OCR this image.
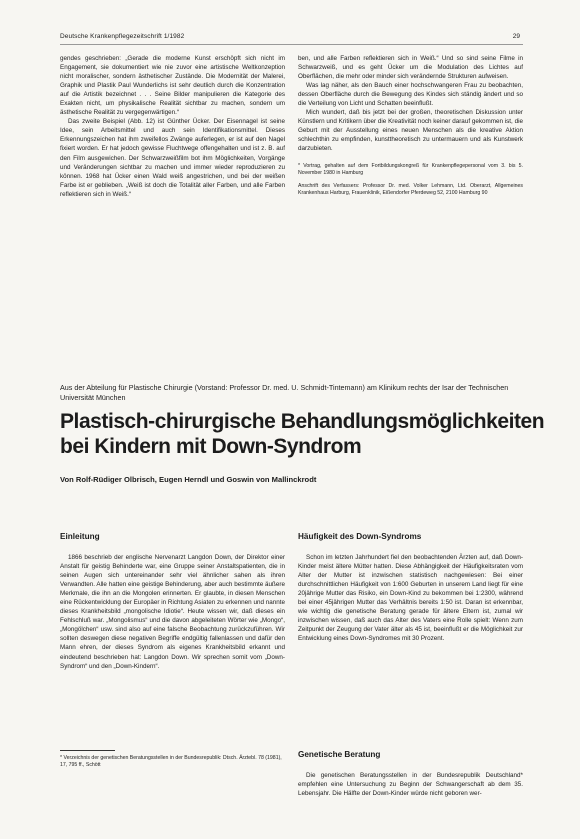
Deutsche Krankenpflegezeitschrift 1/1982	29

gendes geschrieben: „Gerade die moderne Kunst erschöpft sich nicht im Engagement, sie dokumentiert wie nie zuvor eine artistische Weltkonzeption nicht moralischer, sondern ästhetischer Zustände. Die Modernität der Malerei, Graphik und Plastik Paul Wunderlichs ist sehr deutlich durch die Konzentration auf die Artistik bezeichnet . . . Seine Bilder manipulieren die Kategorie des Exakten nicht, um physikalische Realität sichtbar zu machen, sondern um ästhetische Realität zu vergegenwärtigen.“

Das zweite Beispiel (Abb. 12) ist Günther Ücker. Der Eisennagel ist seine Idee, sein Arbeitsmittel und auch sein Identifikationsmittel. Dieses Erkennungszeichen hat ihm zweifellos Zwänge auferlegen, er ist auf den Nagel fixiert worden. Er hat jedoch gewisse Fluchtwege offengehalten und ist z. B. auf den Film ausgewichen. Der Schwarzweißfilm bot ihm Möglichkeiten, Vorgänge und Veränderungen sichtbar zu machen und immer wieder reproduzieren zu können. 1968 hat Ücker einen Wald weiß angestrichen, und bei der weißen Farbe ist er geblieben. „Weiß ist doch die Totalität aller Farben, und alle Farben reflektieren sich in Weiß.“

ben, und alle Farben reflektieren sich in Weiß.“ Und so sind seine Filme in Schwarzweiß, und es geht Ücker um die Modulation des Lichtes auf Oberflächen, die mehr oder minder sich verändernde Strukturen aufweisen.

Was lag näher, als den Bauch einer hochschwangeren Frau zu beobachten, dessen Oberfläche durch die Bewegung des Kindes sich ständig ändert und so die Verteilung von Licht und Schatten beeinflußt.

Mich wundert, daß bis jetzt bei der großen, theoretischen Diskussion unter Künstlern und Kritikern über die Kreativität noch keiner darauf gekommen ist, die Geburt mit der Ausstellung eines neuen Menschen als die kreative Aktion schlechthin zu empfinden, kunsttheoretisch zu untermauern und als Kunstwerk darzubieten.

* Vortrag, gehalten auf dem Fortbildungskongreß für Krankenpflegepersonal vom 3. bis 5. November 1980 in Hamburg

Anschrift des Verfassers: Professor Dr. med. Volker Lehmann, Ltd. Oberarzt, Allgemeines Krankenhaus Harburg, Frauenklinik, Eißendorfer Pferdeweg 52, 2100 Hamburg 90

Aus der Abteilung für Plastische Chirurgie (Vorstand: Professor Dr. med. U. Schmidt-Tintemann) am Klinikum rechts der Isar der Technischen Universität München
Plastisch-chirurgische Behandlungsmöglichkeiten bei Kindern mit Down-Syndrom
Von Rolf-Rüdiger Olbrisch, Eugen Herndl und Goswin von Mallinckrodt
Einleitung

1866 beschrieb der englische Nervenarzt Langdon Down, der Direktor einer Anstalt für geistig Behinderte war, eine Gruppe seiner Anstaltspatienten, die in seinen Augen sich untereinander sehr viel ähnlicher sahen als ihren Verwandten. Alle hatten eine geistige Behinderung, aber auch bestimmte äußere Merkmale, die ihn an die Mongolen erinnerten. Er glaubte, in diesen Menschen eine Rückentwicklung der Europäer in Richtung Asiaten zu erkennen und nannte dieses Krankheitsbild „mongolische Idiotie“. Heute wissen wir, daß dieses ein Fehlschluß war. „Mongolismus“ und die davon abgeleiteten Wörter wie „Mongo“, „Mongölchen“ usw. sind also auf eine falsche Beobachtung zurückzuführen. Wir sollten deswegen diese negativen Begriffe endgültig fallenlassen und dafür den Mann ehren, der dieses Syndrom als eigenes Krankheitsbild erkannt und eindeutend beschrieben hat: Langdon Down. Wir sprechen somit vom „Down-Syndrom“ und den „Down-Kindern“.

* Verzeichnis der genetischen Beratungsstellen in der Bundesrepublik: Dtsch. Ärztebl. 78 (1981), 17, 795 ff., Schött
Häufigkeit des Down-Syndroms

Schon im letzten Jahrhundert fiel den beobachtenden Ärzten auf, daß Down-Kinder meist ältere Mütter hatten. Diese Abhängigkeit der Häufigkeitsraten vom Alter der Mutter ist inzwischen statistisch nachgewiesen: Bei einer durchschnittlichen Häufigkeit von 1:600 Geburten in unserem Land liegt für eine 20jährige Mutter das Risiko, ein Down-Kind zu bekommen bei 1:2300, während bei einer 45jährigen Mutter das Verhältnis bereits 1:50 ist. Daran ist erkennbar, wie wichtig die genetische Beratung gerade für ältere Eltern ist, zumal wir inzwischen wissen, daß auch das Alter des Vaters eine Rolle spielt: Wenn zum Zeitpunkt der Zeugung der Vater älter als 45 ist, beeinflußt er die Möglichkeit zur Entwicklung eines Down-Syndromes mit 30 Prozent.

Genetische Beratung

Die genetischen Beratungsstellen in der Bundesrepublik Deutschland* empfehlen eine Untersuchung zu Beginn der Schwangerschaft ab dem 35. Lebensjahr. Die Hälfte der Down-Kinder würde nicht geboren wer-
